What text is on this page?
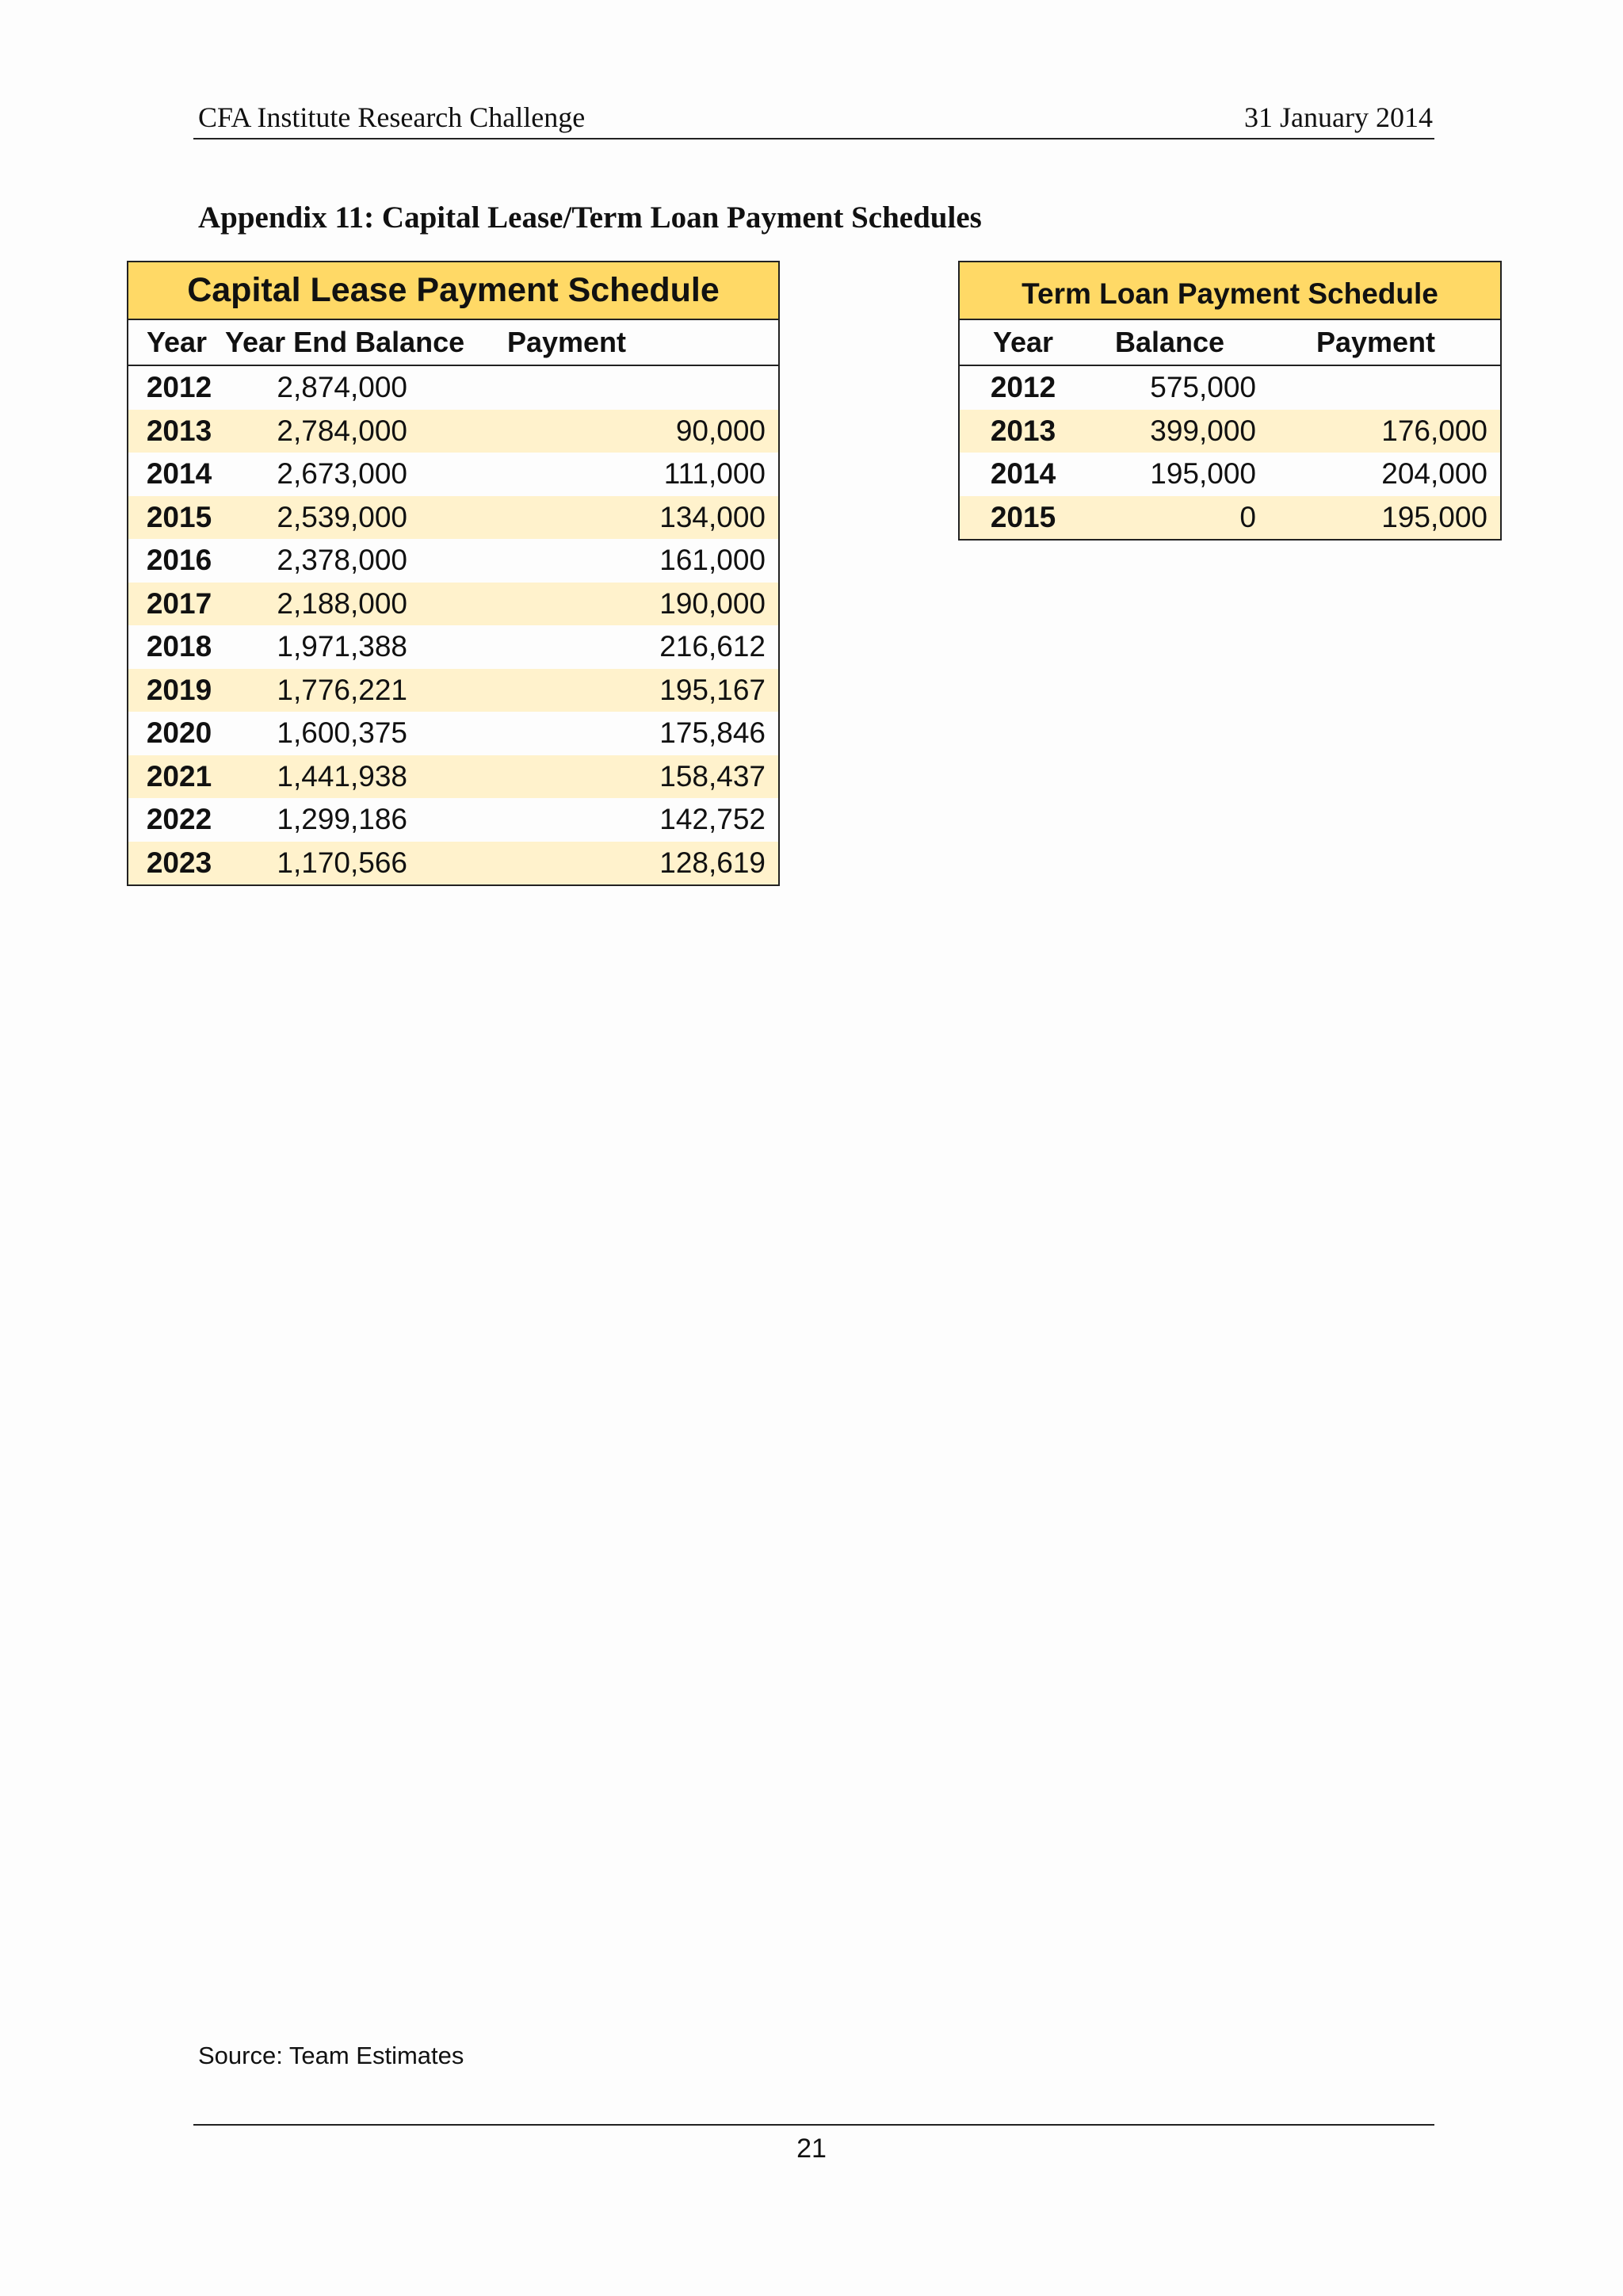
CFA Institute Research Challenge	31 January 2014
Appendix 11: Capital Lease/Term Loan Payment Schedules
Capital Lease Payment Schedule
Year Year End Balance	Payment
2012	2,874,000
2013	2,784,000	90,000
2014	2,673,000	111,000
2015	2,539,000	134,000
2016	2,378,000	161,000
2017	2,188,000	190,000
2018	1,971,388	216,612
2019	1,776,221	195,167
2020	1,600,375	175,846
2021	1,441,938	158,437
2022	1,299,186	142,752
2023	1,170,566	128,619
Term Loan Payment Schedule
Year	Balance	Payment
2012	575,000
2013	399,000	176,000
2014	195,000	204,000
2015	0	195,000
Source: Team Estimates
21
